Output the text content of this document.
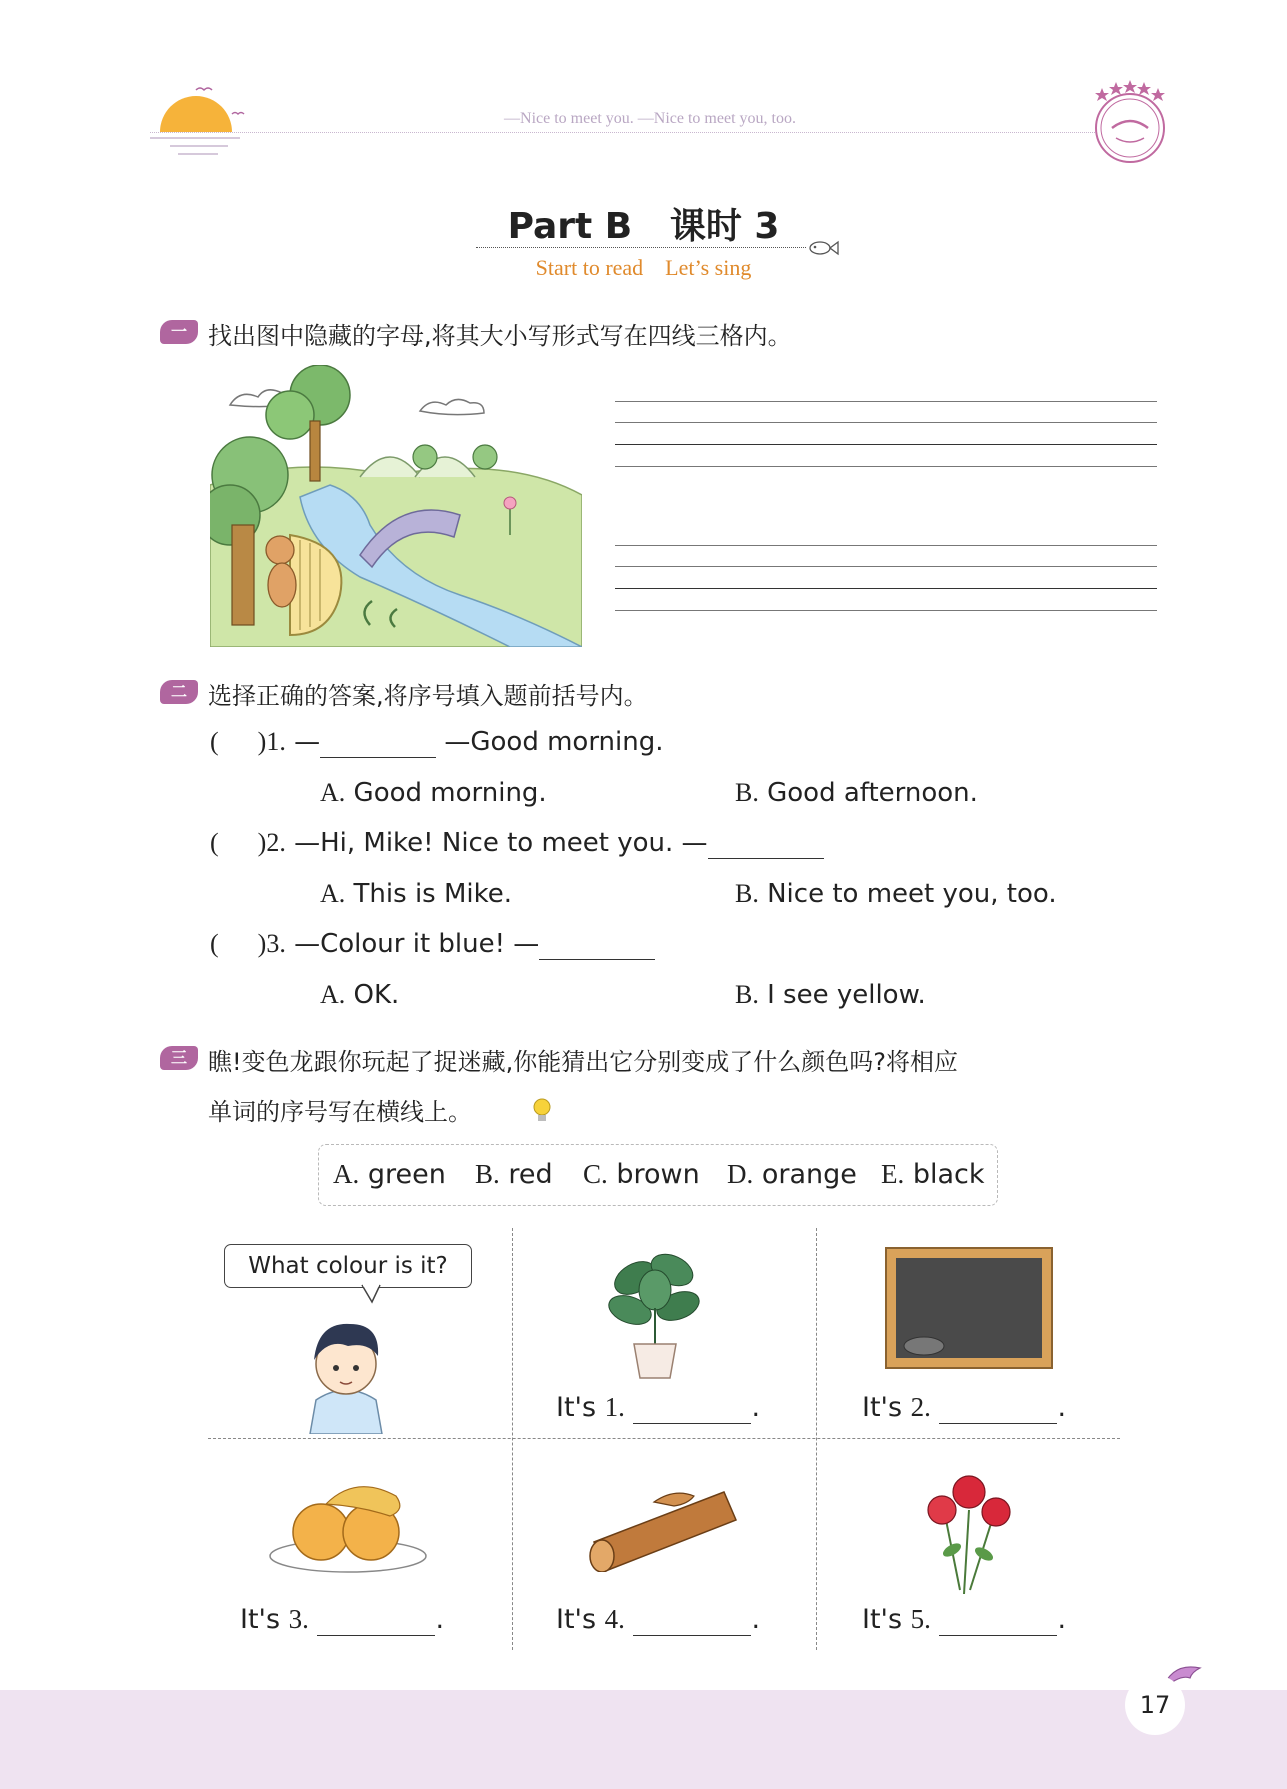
—Nice to meet you. —Nice to meet you, too.
Part B   课时 3
Start to read    Let’s sing
一 找出图中隐藏的字母,将其大小写形式写在四线三格内。
二 选择正确的答案,将序号填入题前括号内。
(      )1. —	—Good morning.
A. Good morning.	B. Good afternoon.
(      )2. —Hi, Mike! Nice to meet you. —
A. This is Mike.	B. Nice to meet you, too.
(      )3. —Colour it blue! —
A. OK.	B. I see yellow.
三 瞧!变色龙跟你玩起了捉迷藏,你能猜出它分别变成了什么颜色吗?将相应
单词的序号写在横线上。
A. green B. red C. brown D. orange E. black
What colour is it?
It's 1.	.	It's 2.	.
It's 3.	.	It's 4.	.	It's 5.	.
17
